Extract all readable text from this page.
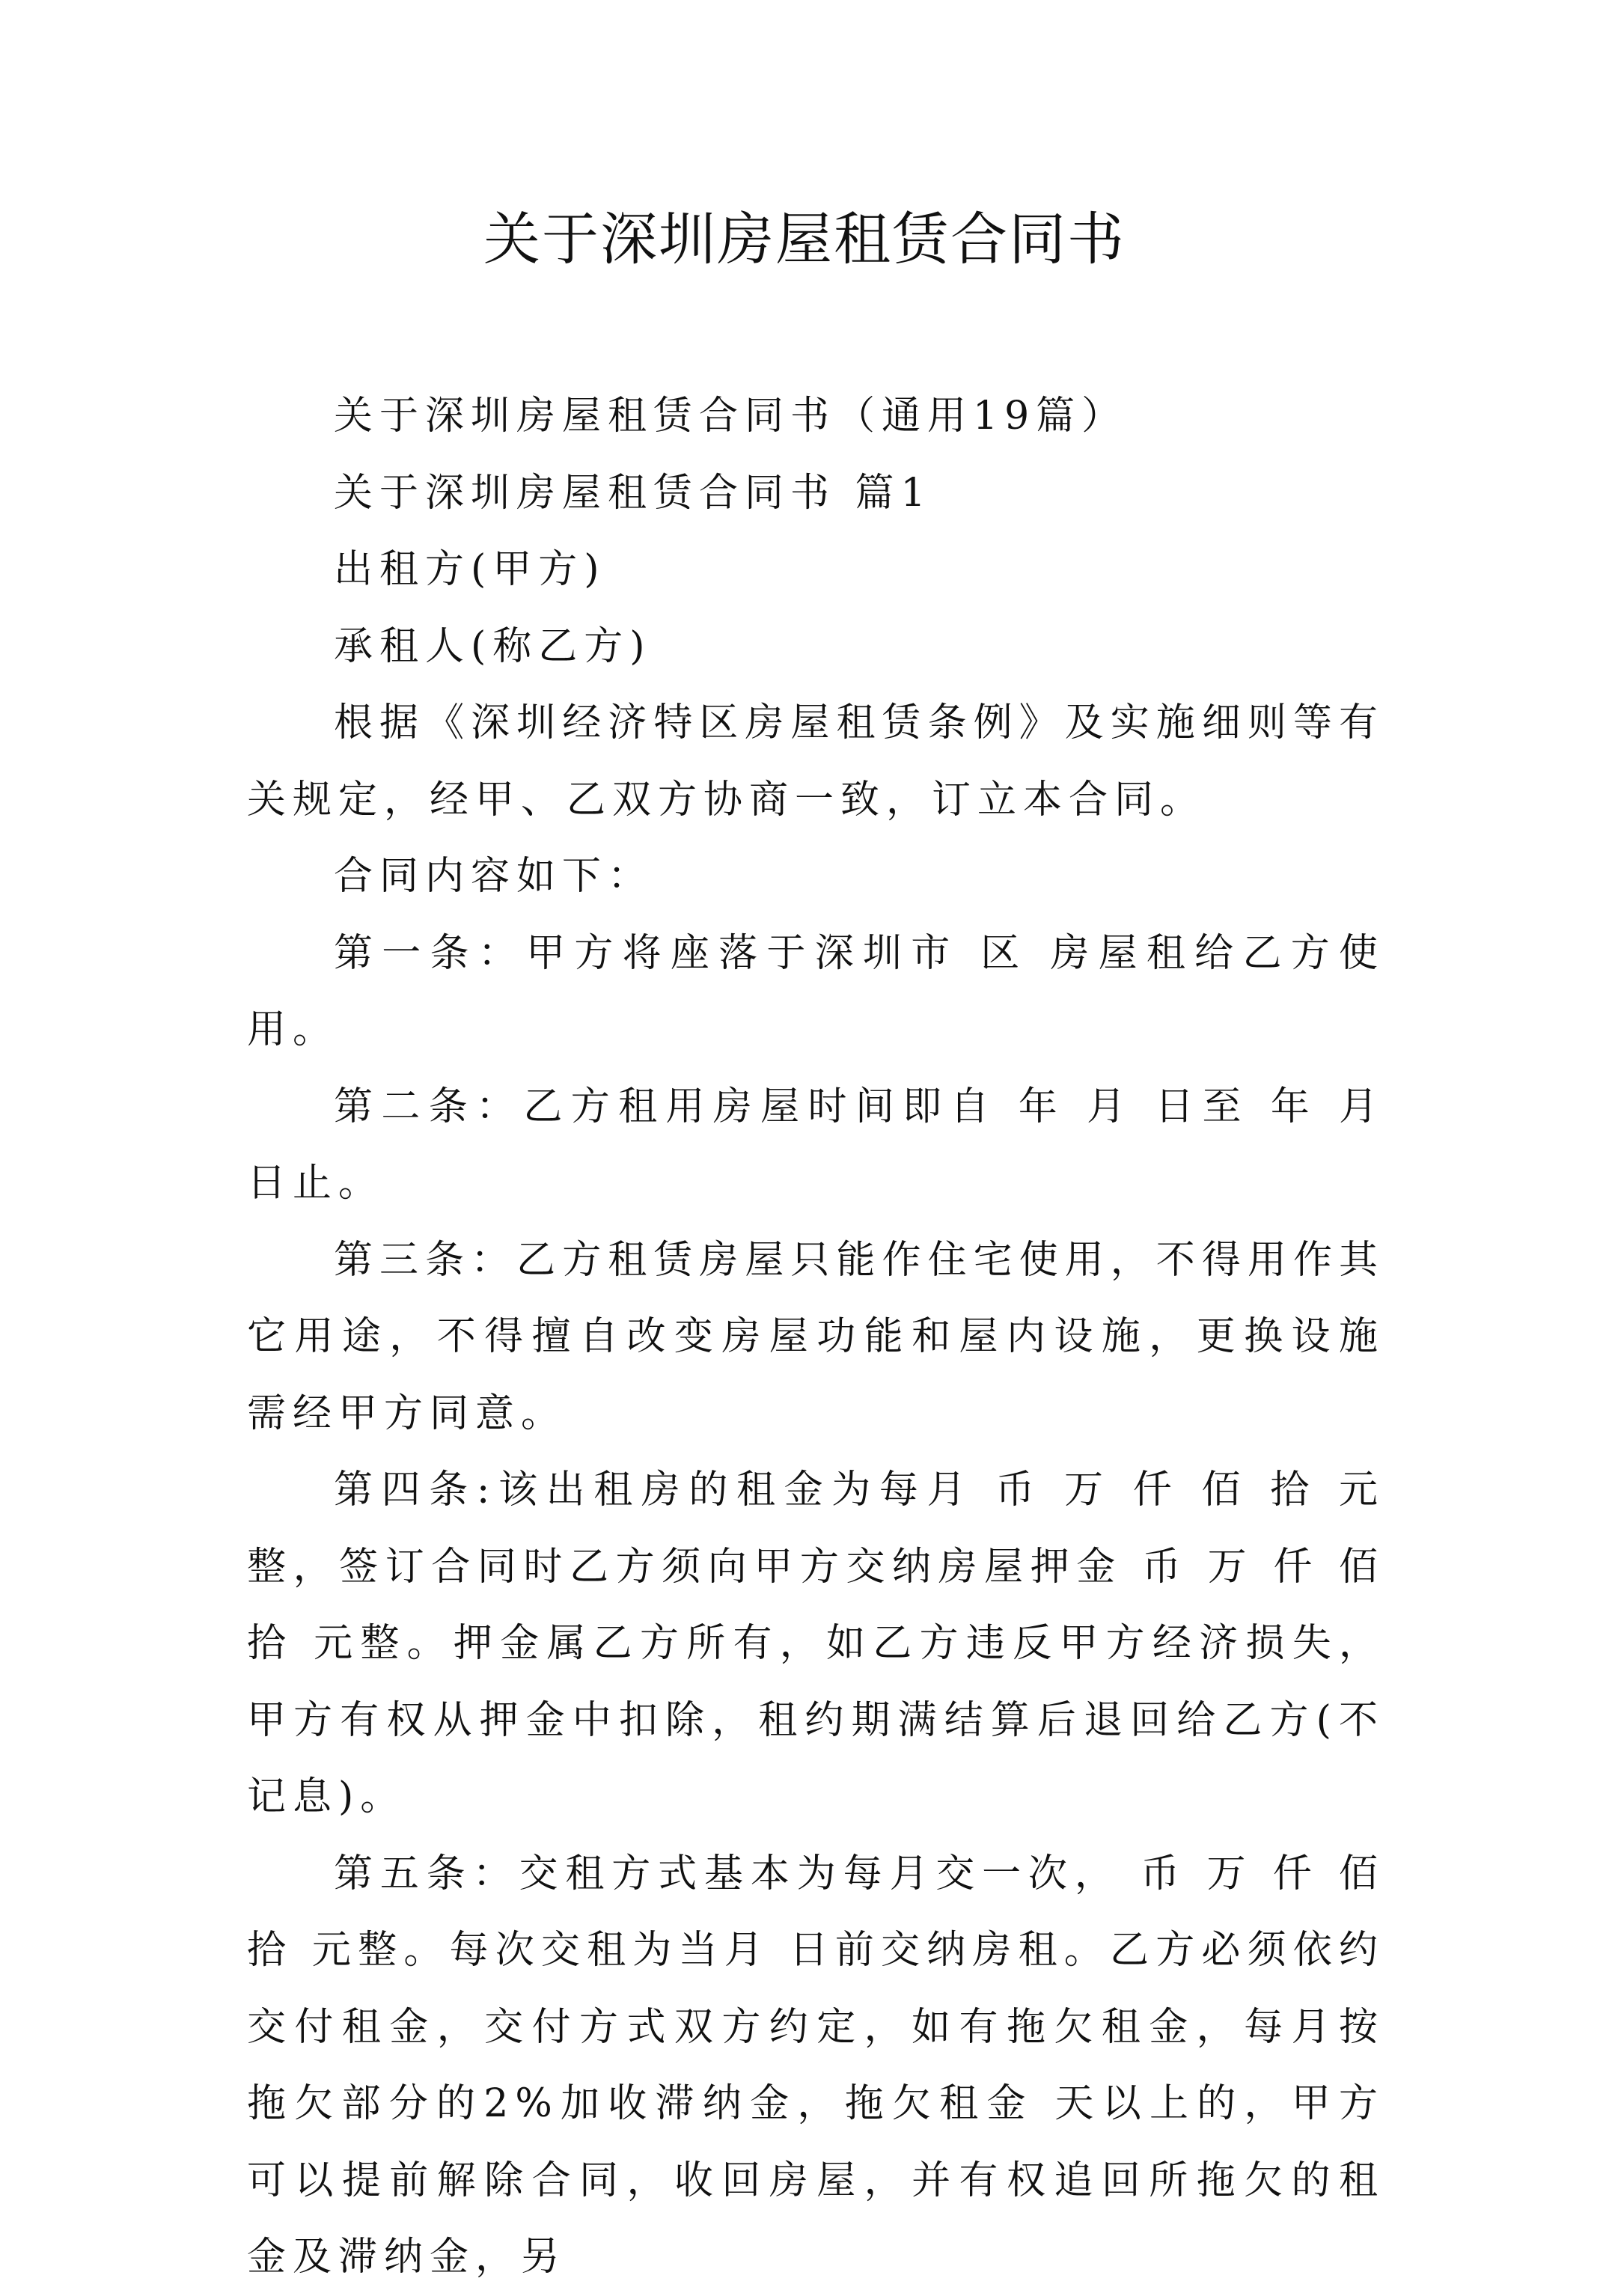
关于深圳房屋租赁合同书

关于深圳房屋租赁合同书（通用19篇）

关于深圳房屋租赁合同书 篇1

出租方(甲方)

承租人(称乙方)

根据《深圳经济特区房屋租赁条例》及实施细则等有关规定，经甲、乙双方协商一致，订立本合同。

合同内容如下：

第一条：甲方将座落于深圳市 区 房屋租给乙方使用。

第二条：乙方租用房屋时间即自 年 月 日至 年 月 日止。

第三条：乙方租赁房屋只能作住宅使用，不得用作其它用途，不得擅自改变房屋功能和屋内设施，更换设施需经甲方同意。

第四条:该出租房的租金为每月 币 万 仟 佰 拾 元整，签订合同时乙方须向甲方交纳房屋押金 币 万 仟 佰 拾 元整。押金属乙方所有，如乙方违反甲方经济损失，甲方有权从押金中扣除，租约期满结算后退回给乙方(不记息)。

第五条：交租方式基本为每月交一次， 币 万 仟 佰 拾 元整。每次交租为当月 日前交纳房租。乙方必须依约交付租金，交付方式双方约定，如有拖欠租金，每月按拖欠部分的2%加收滞纳金，拖欠租金 天以上的，甲方可以提前解除合同，收回房屋，并有权追回所拖欠的租金及滞纳金，另
